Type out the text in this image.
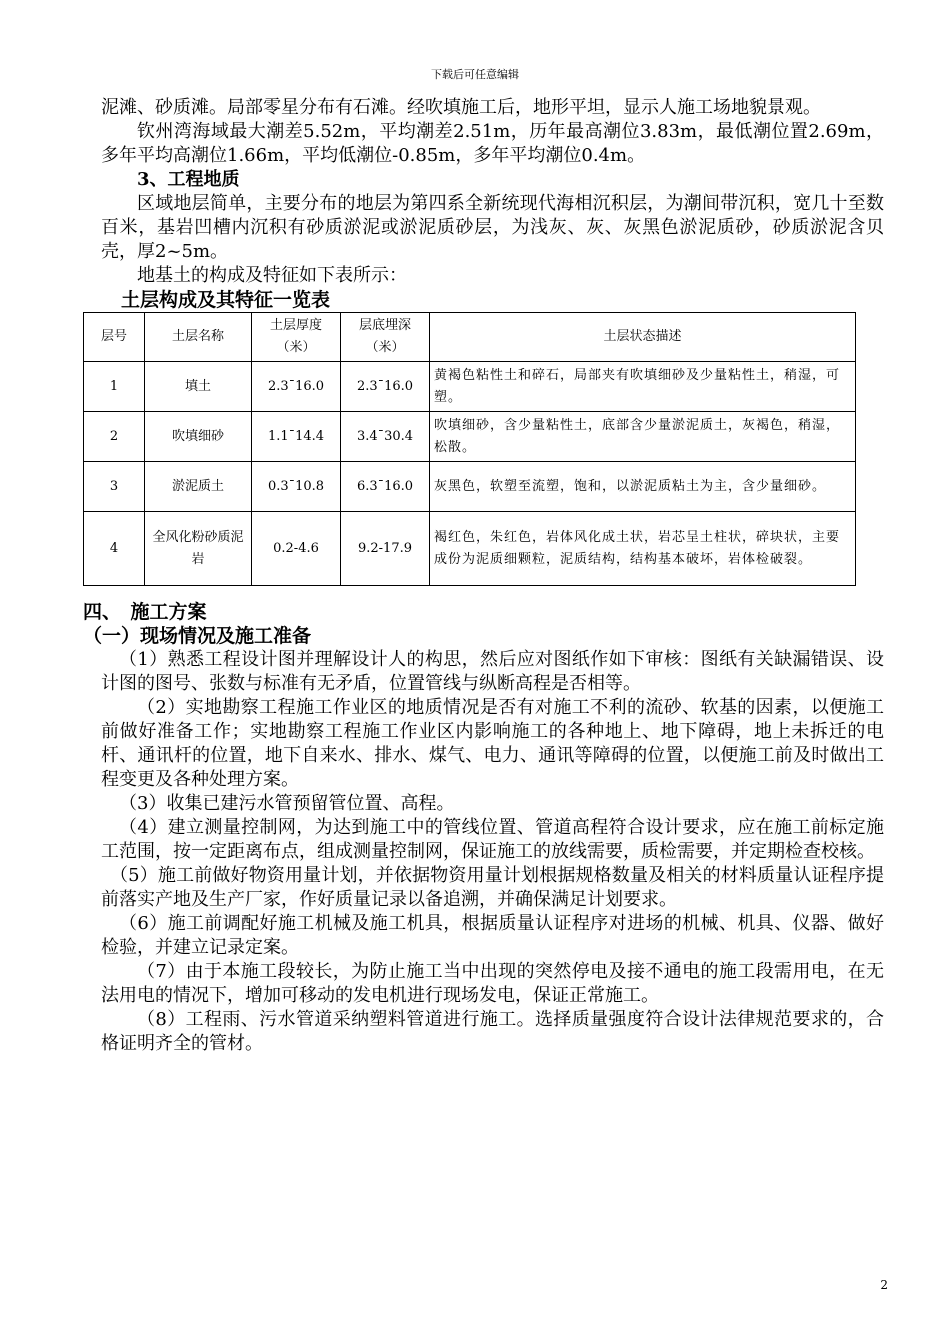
下载后可任意编辑

泥滩、砂质滩。局部零星分布有石滩。经吹填施工后，地形平坦，显示人施工场地貌景观。

钦州湾海域最大潮差5.52m，平均潮差2.51m，历年最高潮位3.83m，最低潮位置2.69m，多年平均高潮位1.66m，平均低潮位-0.85m，多年平均潮位0.4m。

3、工程地质

区域地层简单，主要分布的地层为第四系全新统现代海相沉积层，为潮间带沉积，宽几十至数百米，基岩凹槽内沉积有砂质淤泥或淤泥质砂层，为浅灰、灰、灰黑色淤泥质砂，砂质淤泥含贝壳，厚2~5m。

地基土的构成及特征如下表所示：

土层构成及其特征一览表

层号	土层名称	土层厚度（米）	层底埋深（米）	土层状态描述
1	填土	2.3¯16.0	2.3¯16.0	黄褐色粘性土和碎石，局部夹有吹填细砂及少量粘性土，稍湿，可塑。
2	吹填细砂	1.1¯14.4	3.4¯30.4	吹填细砂，含少量粘性土，底部含少量淤泥质土，灰褐色，稍湿，松散。
3	淤泥质土	0.3¯10.8	6.3¯16.0	灰黑色，软塑至流塑，饱和，以淤泥质粘土为主，含少量细砂。
4	全风化粉砂质泥岩	0.2-4.6	9.2-17.9	褐红色，朱红色，岩体风化成土状，岩芯呈土柱状，碎块状，主要成份为泥质细颗粒，泥质结构，结构基本破坏，岩体检破裂。

四、　施工方案

（一）现场情况及施工准备

（1）熟悉工程设计图并理解设计人的构思，然后应对图纸作如下审核：图纸有关缺漏错误、设计图的图号、张数与标准有无矛盾，位置管线与纵断高程是否相等。

（2）实地勘察工程施工作业区的地质情况是否有对施工不利的流砂、软基的因素，以便施工前做好准备工作；实地勘察工程施工作业区内影响施工的各种地上、地下障碍，地上未拆迁的电杆、通讯杆的位置，地下自来水、排水、煤气、电力、通讯等障碍的位置，以便施工前及时做出工程变更及各种处理方案。

（3）收集已建污水管预留管位置、高程。

（4）建立测量控制网，为达到施工中的管线位置、管道高程符合设计要求，应在施工前标定施工范围，按一定距离布点，组成测量控制网，保证施工的放线需要，质检需要，并定期检查校核。

（5）施工前做好物资用量计划，并依据物资用量计划根据规格数量及相关的材料质量认证程序提前落实产地及生产厂家，作好质量记录以备追溯，并确保满足计划要求。

（6）施工前调配好施工机械及施工机具，根据质量认证程序对进场的机械、机具、仪器、做好检验，并建立记录定案。

（7）由于本施工段较长，为防止施工当中出现的突然停电及接不通电的施工段需用电，在无法用电的情况下，增加可移动的发电机进行现场发电，保证正常施工。

（8）工程雨、污水管道采纳塑料管道进行施工。选择质量强度符合设计法律规范要求的，合格证明齐全的管材。

2
